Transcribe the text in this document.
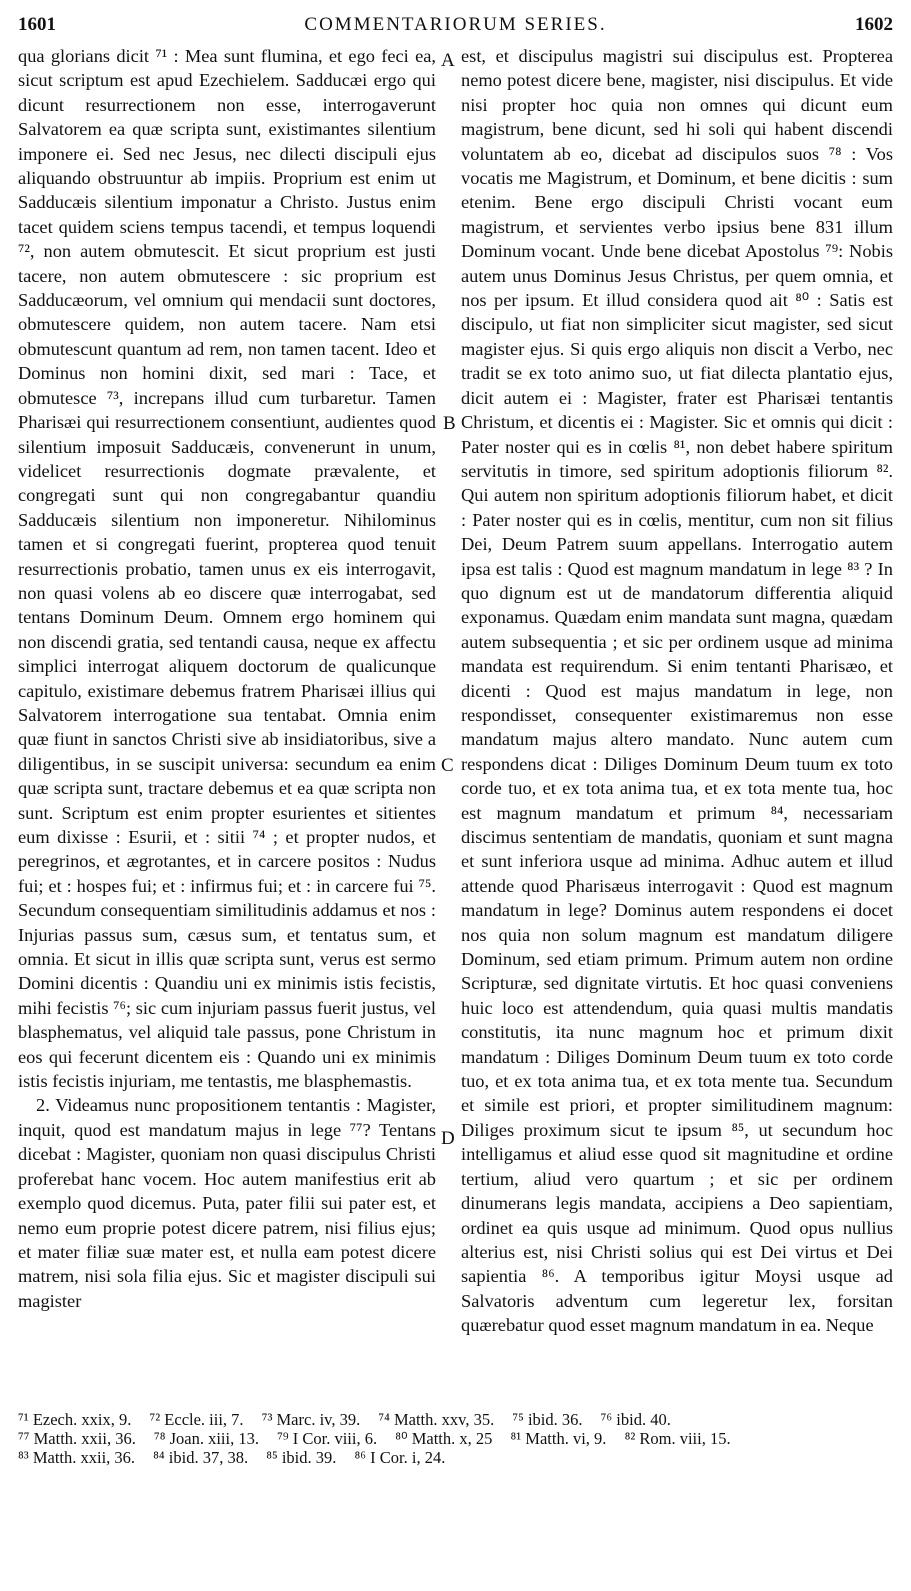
1601	COMMENTARIORUM SERIES.	1602

qua glorians dicit ⁷¹ : Mea sunt flumina, et ego feci ea, sicut scriptum est apud Ezechielem. Sadducæi ergo qui dicunt resurrectionem non esse, interrogaverunt Salvatorem ea quæ scripta sunt, existimantes silentium imponere ei. Sed nec Jesus, nec dilecti discipuli ejus aliquando obstruuntur ab impiis. Proprium est enim ut Sadducæis silentium imponatur a Christo. Justus enim tacet quidem sciens tempus tacendi, et tempus loquendi ⁷², non autem obmutescit. Et sicut proprium est justi tacere, non autem obmutescere : sic proprium est Sadducæorum, vel omnium qui mendacii sunt doctores, obmutescere quidem, non autem tacere. Nam etsi obmutescunt quantum ad rem, non tamen tacent. Ideo et Dominus non homini dixit, sed mari : Tace, et obmutesce ⁷³, increpans illud cum turbaretur. Tamen Pharisæi qui resurrectionem consentiunt, audientes quod silentium imposuit Sadducæis, convenerunt in unum, videlicet resurrectionis dogmate prævalente, et congregati sunt qui non congregabantur quandiu Sadducæis silentium non imponeretur. Nihilominus tamen et si congregati fuerint, propterea quod tenuit resurrectionis probatio, tamen unus ex eis interrogavit, non quasi volens ab eo discere quæ interrogabat, sed tentans Dominum Deum. Omnem ergo hominem qui non discendi gratia, sed tentandi causa, neque ex affectu simplici interrogat aliquem doctorum de qualicunque capitulo, existimare debemus fratrem Pharisæi illius qui Salvatorem interrogatione sua tentabat. Omnia enim quæ fiunt in sanctos Christi sive ab insidiatoribus, sive a diligentibus, in se suscipit universa: secundum ea enim quæ scripta sunt, tractare debemus et ea quæ scripta non sunt. Scriptum est enim propter esurientes et sitientes eum dixisse : Esurii, et : sitii ⁷⁴ ; et propter nudos, et peregrinos, et ægrotantes, et in carcere positos : Nudus fui; et : hospes fui; et : infirmus fui; et : in carcere fui ⁷⁵. Secundum consequentiam similitudinis addamus et nos : Injurias passus sum, cæsus sum, et tentatus sum, et omnia. Et sicut in illis quæ scripta sunt, verus est sermo Domini dicentis : Quandiu uni ex minimis istis fecistis, mihi fecistis ⁷⁶; sic cum injuriam passus fuerit justus, vel blasphematus, vel aliquid tale passus, pone Christum in eos qui fecerunt dicentem eis : Quando uni ex minimis istis fecistis injuriam, me tentastis, me blasphemastis.

2. Videamus nunc propositionem tentantis : Magister, inquit, quod est mandatum majus in lege ⁷⁷? Tentans dicebat : Magister, quoniam non quasi discipulus Christi proferebat hanc vocem. Hoc autem manifestius erit ab exemplo quod dicemus. Puta, pater filii sui pater est, et nemo eum proprie potest dicere patrem, nisi filius ejus; et mater filiæ suæ mater est, et nulla eam potest dicere matrem, nisi sola filia ejus. Sic et magister discipuli sui magister

A
B
C
D

est, et discipulus magistri sui discipulus est. Propterea nemo potest dicere bene, magister, nisi discipulus. Et vide nisi propter hoc quia non omnes qui dicunt eum magistrum, bene dicunt, sed hi soli qui habent discendi voluntatem ab eo, dicebat ad discipulos suos ⁷⁸ : Vos vocatis me Magistrum, et Dominum, et bene dicitis : sum etenim. Bene ergo discipuli Christi vocant eum magistrum, et servientes verbo ipsius bene 831 illum Dominum vocant. Unde bene dicebat Apostolus ⁷⁹: Nobis autem unus Dominus Jesus Christus, per quem omnia, et nos per ipsum. Et illud considera quod ait ⁸⁰ : Satis est discipulo, ut fiat non simpliciter sicut magister, sed sicut magister ejus. Si quis ergo aliquis non discit a Verbo, nec tradit se ex toto animo suo, ut fiat dilecta plantatio ejus, dicit autem ei : Magister, frater est Pharisæi tentantis Christum, et dicentis ei : Magister. Sic et omnis qui dicit : Pater noster qui es in cœlis ⁸¹, non debet habere spiritum servitutis in timore, sed spiritum adoptionis filiorum ⁸². Qui autem non spiritum adoptionis filiorum habet, et dicit : Pater noster qui es in cœlis, mentitur, cum non sit filius Dei, Deum Patrem suum appellans. Interrogatio autem ipsa est talis : Quod est magnum mandatum in lege ⁸³ ? In quo dignum est ut de mandatorum differentia aliquid exponamus. Quædam enim mandata sunt magna, quædam autem subsequentia ; et sic per ordinem usque ad minima mandata est requirendum. Si enim tentanti Pharisæo, et dicenti : Quod est majus mandatum in lege, non respondisset, consequenter existimaremus non esse mandatum majus altero mandato. Nunc autem cum respondens dicat : Diliges Dominum Deum tuum ex toto corde tuo, et ex tota anima tua, et ex tota mente tua, hoc est magnum mandatum et primum ⁸⁴, necessariam discimus sententiam de mandatis, quoniam et sunt magna et sunt inferiora usque ad minima. Adhuc autem et illud attende quod Pharisæus interrogavit : Quod est magnum mandatum in lege? Dominus autem respondens ei docet nos quia non solum magnum est mandatum diligere Dominum, sed etiam primum. Primum autem non ordine Scripturæ, sed dignitate virtutis. Et hoc quasi conveniens huic loco est attendendum, quia quasi multis mandatis constitutis, ita nunc magnum hoc et primum dixit mandatum : Diliges Dominum Deum tuum ex toto corde tuo, et ex tota anima tua, et ex tota mente tua. Secundum et simile est priori, et propter similitudinem magnum: Diliges proximum sicut te ipsum ⁸⁵, ut secundum hoc intelligamus et aliud esse quod sit magnitudine et ordine tertium, aliud vero quartum ; et sic per ordinem dinumerans legis mandata, accipiens a Deo sapientiam, ordinet ea quis usque ad minimum. Quod opus nullius alterius est, nisi Christi solius qui est Dei virtus et Dei sapientia ⁸⁶. A temporibus igitur Moysi usque ad Salvatoris adventum cum legeretur lex, forsitan quærebatur quod esset magnum mandatum in ea. Neque

⁷¹ Ezech. xxix, 9. ⁷² Eccle. iii, 7. ⁷³ Marc. iv, 39. ⁷⁴ Matth. xxv, 35. ⁷⁵ ibid. 36. ⁷⁶ ibid. 40.
⁷⁷ Matth. xxii, 36. ⁷⁸ Joan. xiii, 13. ⁷⁹ I Cor. viii, 6. ⁸⁰ Matth. x, 25 ⁸¹ Matth. vi, 9. ⁸² Rom. viii, 15.
⁸³ Matth. xxii, 36. ⁸⁴ ibid. 37, 38. ⁸⁵ ibid. 39. ⁸⁶ I Cor. i, 24.
